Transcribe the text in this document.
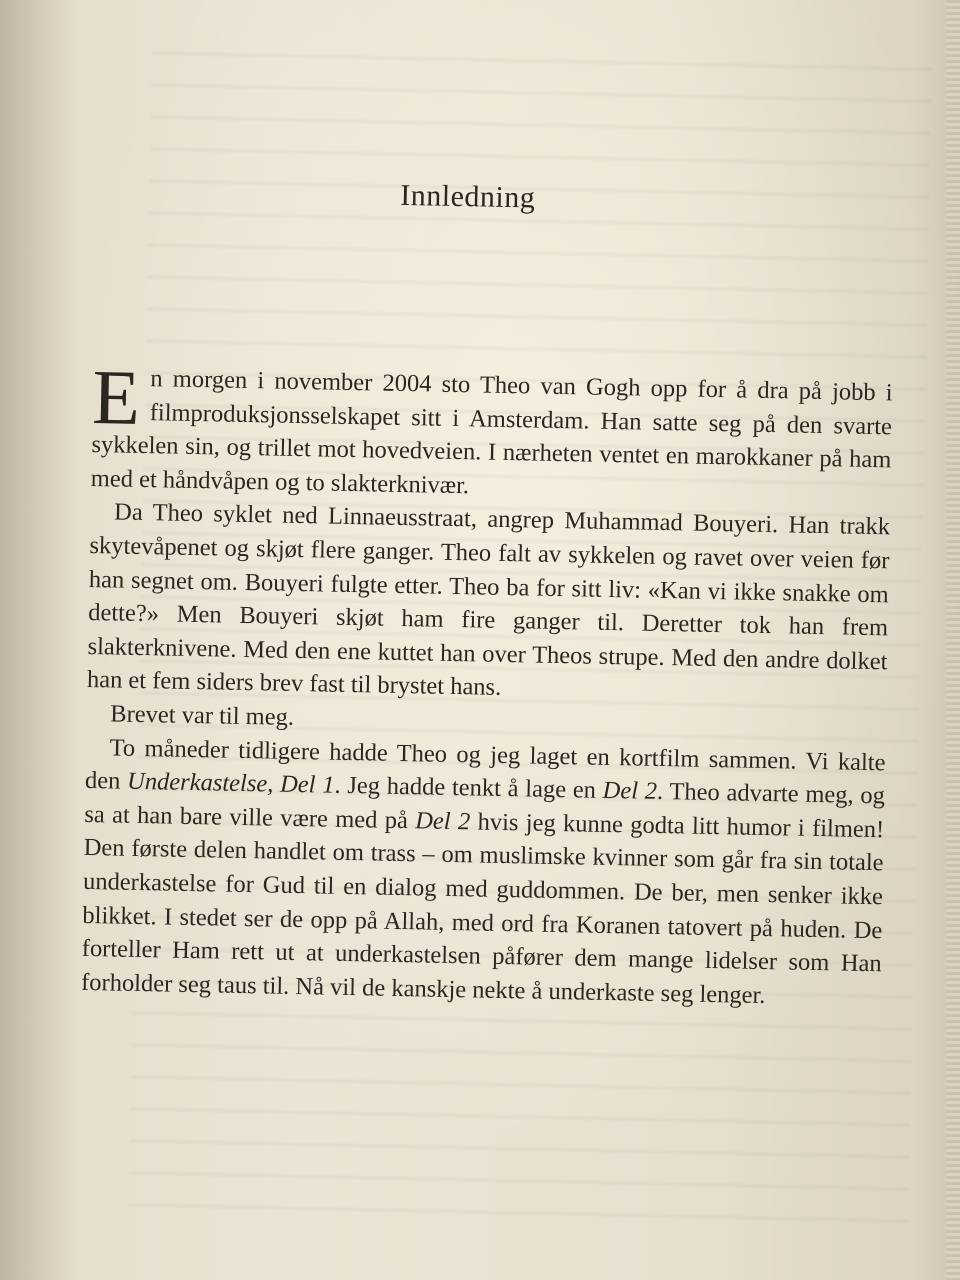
Innledning

En morgen i november 2004 sto Theo van Gogh opp for å dra på jobb i filmproduksjonsselskapet sitt i Amsterdam. Han satte seg på den svarte sykkelen sin, og trillet mot hovedveien. I nærheten ventet en marokkaner på ham med et håndvåpen og to slakterknivær.

Da Theo syklet ned Linnaeusstraat, angrep Muhammad Bouyeri. Han trakk skytevåpenet og skjøt flere ganger. Theo falt av sykkelen og ravet over veien før han segnet om. Bouyeri fulgte etter. Theo ba for sitt liv: «Kan vi ikke snakke om dette?» Men Bouyeri skjøt ham fire ganger til. Deretter tok han frem slakterknivene. Med den ene kuttet han over Theos strupe. Med den andre dolket han et fem siders brev fast til brystet hans.

Brevet var til meg.

To måneder tidligere hadde Theo og jeg laget en kortfilm sammen. Vi kalte den Underkastelse, Del 1. Jeg hadde tenkt å lage en Del 2. Theo advarte meg, og sa at han bare ville være med på Del 2 hvis jeg kunne godta litt humor i filmen! Den første delen handlet om trass – om muslimske kvinner som går fra sin totale underkastelse for Gud til en dialog med guddommen. De ber, men senker ikke blikket. I stedet ser de opp på Allah, med ord fra Koranen tatovert på huden. De forteller Ham rett ut at underkastelsen påfører dem mange lidelser som Han forholder seg taus til. Nå vil de kanskje nekte å underkaste seg lenger.
